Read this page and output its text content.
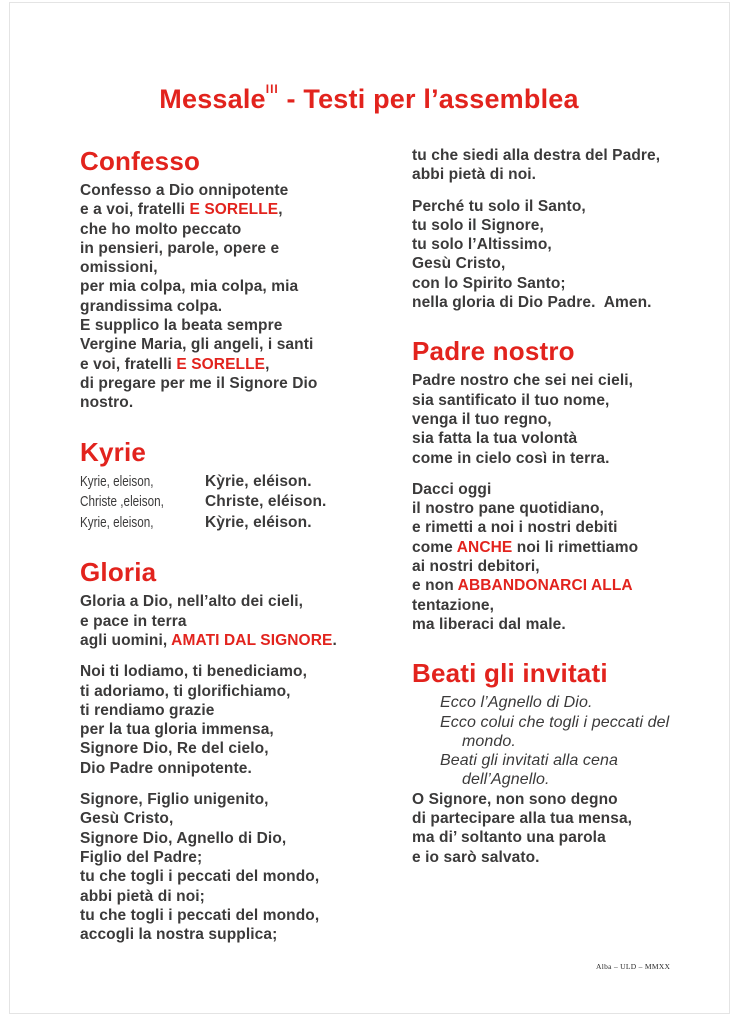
Messale$^{III}$ - Testi per l’assemblea
Confesso
Confesso a Dio onnipotente
e a voi, fratelli E SORELLE,
che ho molto peccato
in pensieri, parole, opere e
omissioni,
per mia colpa, mia colpa, mia
grandissima colpa.
E supplico la beata sempre
Vergine Maria, gli angeli, i santi
e voi, fratelli E SORELLE,
di pregare per me il Signore Dio
nostro.
Kyrie
Kyrie, eleison,	Kỳrie, eléison.
Christe ,eleison,	Christe, eléison.
Kyrie, eleison,	Kỳrie, eléison.
Gloria
Gloria a Dio, nell’alto dei cieli,
e pace in terra
agli uomini, AMATI DAL SIGNORE.
Noi ti lodiamo, ti benediciamo,
ti adoriamo, ti glorifichiamo,
ti rendiamo grazie
per la tua gloria immensa,
Signore Dio, Re del cielo,
Dio Padre onnipotente.
Signore, Figlio unigenito,
Gesù Cristo,
Signore Dio, Agnello di Dio,
Figlio del Padre;
tu che togli i peccati del mondo,
abbi pietà di noi;
tu che togli i peccati del mondo,
accogli la nostra supplica;
tu che siedi alla destra del Padre,
abbi pietà di noi.
Perché tu solo il Santo,
tu solo il Signore,
tu solo l’Altissimo,
Gesù Cristo,
con lo Spirito Santo;
nella gloria di Dio Padre.  Amen.
Padre nostro
Padre nostro che sei nei cieli,
sia santificato il tuo nome,
venga il tuo regno,
sia fatta la tua volontà
come in cielo così in terra.
Dacci oggi
il nostro pane quotidiano,
e rimetti a noi i nostri debiti
come ANCHE noi li rimettiamo
ai nostri debitori,
e non ABBANDONARCI ALLA
tentazione,
ma liberaci dal male.
Beati gli invitati
Ecco l’Agnello di Dio.
Ecco colui che togli i peccati del
mondo.
Beati gli invitati alla cena
dell’Agnello.
O Signore, non sono degno
di partecipare alla tua mensa,
ma di’ soltanto una parola
e io sarò salvato.
Alba – ULD – MMXX
